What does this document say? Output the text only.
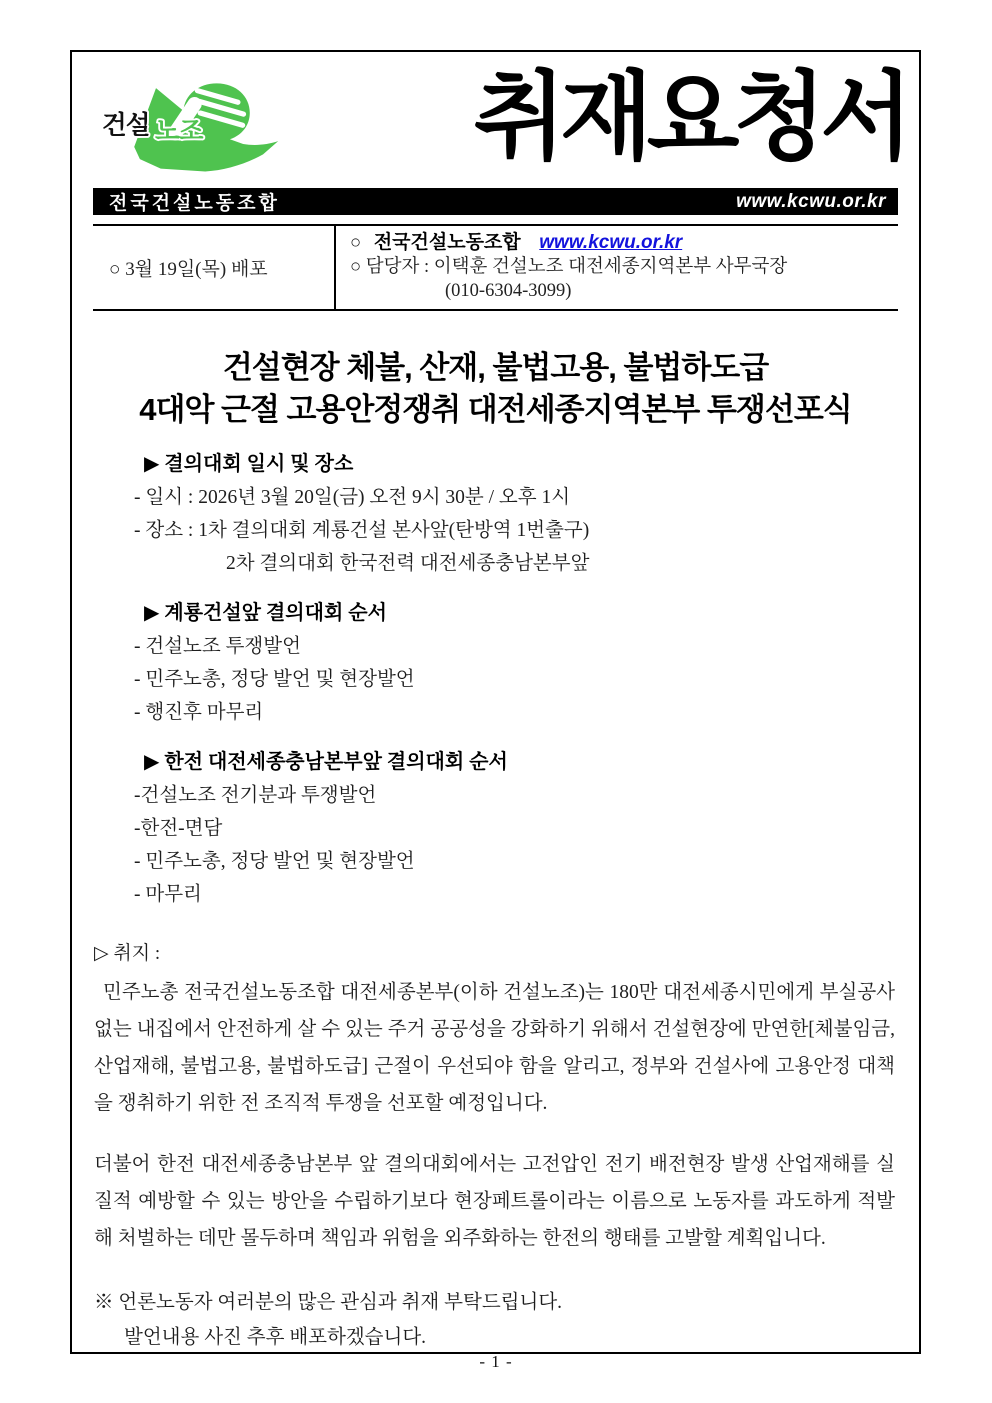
건설 노조	취재요청서
전국건설노동조합	www.kcwu.or.kr
○ 3월 19일(목) 배포
○ 전국건설노동조합 www.kcwu.or.kr
○ 담당자 : 이택훈 건설노조 대전세종지역본부 사무국장
(010-6304-3099)
건설현장 체불, 산재, 불법고용, 불법하도급
4대악 근절 고용안정쟁취 대전세종지역본부 투쟁선포식
▶ 결의대회 일시 및 장소
- 일시 : 2026년 3월 20일(금) 오전 9시 30분 / 오후 1시
- 장소 : 1차 결의대회 계룡건설 본사앞(탄방역 1번출구)
2차 결의대회 한국전력 대전세종충남본부앞
▶ 계룡건설앞 결의대회 순서
- 건설노조 투쟁발언
- 민주노총, 정당 발언 및 현장발언
- 행진후 마무리
▶ 한전 대전세종충남본부앞 결의대회 순서
-건설노조 전기분과 투쟁발언
-한전-면담
- 민주노총, 정당 발언 및 현장발언
- 마무리
▷ 취지 :

민주노총 전국건설노동조합 대전세종본부(이하 건설노조)는 180만 대전세종시민에게 부실공사 없는 내집에서 안전하게 살 수 있는 주거 공공성을 강화하기 위해서 건설현장에 만연한[체불임금, 산업재해, 불법고용, 불법하도급] 근절이 우선되야 함을 알리고, 정부와 건설사에 고용안정 대책을 쟁취하기 위한 전 조직적 투쟁을 선포할 예정입니다.

더불어 한전 대전세종충남본부 앞 결의대회에서는 고전압인 전기 배전현장 발생 산업재해를 실질적 예방할 수 있는 방안을 수립하기보다 현장페트롤이라는 이름으로 노동자를 과도하게 적발해 처벌하는 데만 몰두하며 책임과 위험을 외주화하는 한전의 행태를 고발할 계획입니다.

※ 언론노동자 여러분의 많은 관심과 취재 부탁드립니다.
발언내용 사진 추후 배포하겠습니다.
- 1 -
